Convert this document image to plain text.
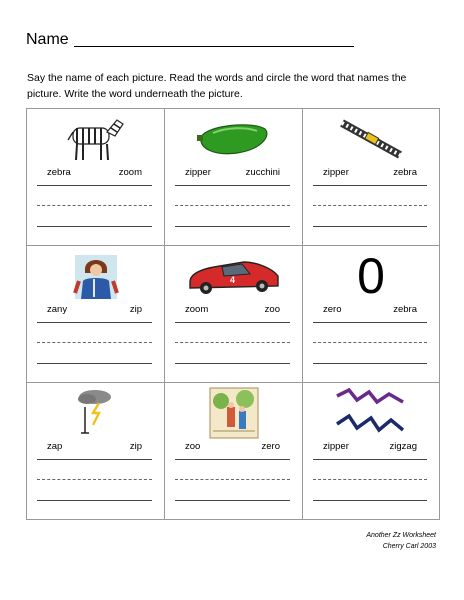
Name
Say the name of each picture. Read the words and circle the word that names the picture. Write the word underneath the picture.
zebra	zoom	zipper	zucchini	zipper	zebra
zany	zip
4
zoom	zoo
0
zero	zebra
zap	zip	zoo	zero	zipper	zigzag
Another Zz Worksheet
Cherry Carl 2003
